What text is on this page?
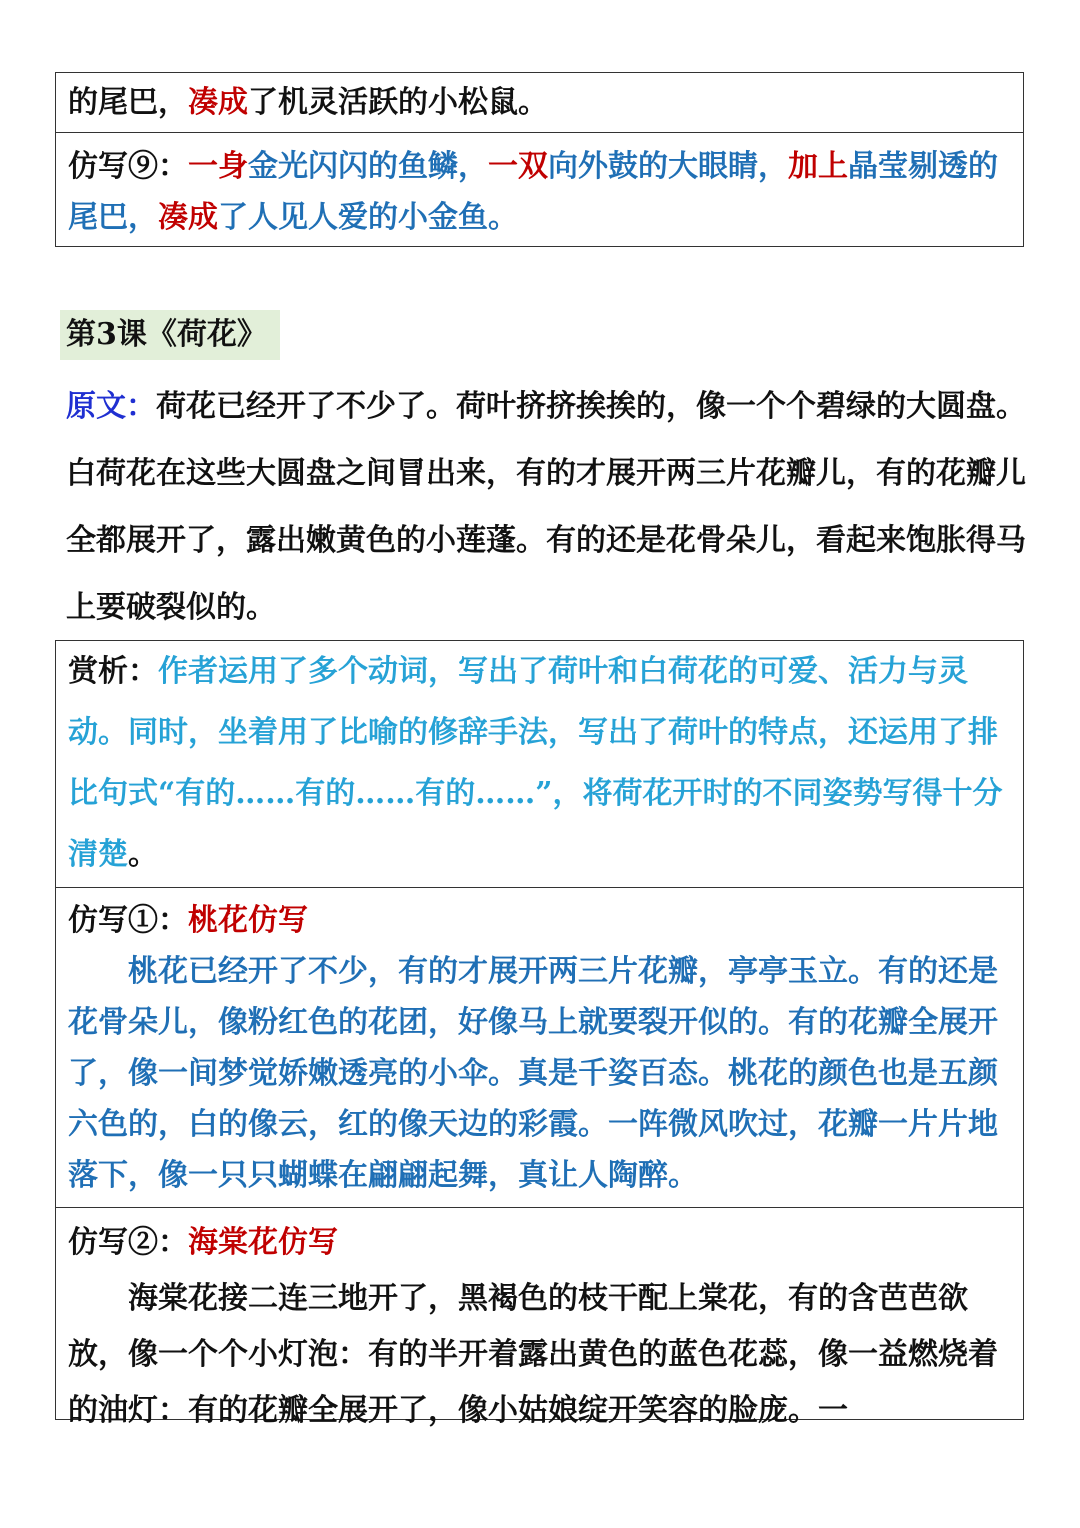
的尾巴，凑成了机灵活跃的小松鼠。
仿写⑨：一身金光闪闪的鱼鳞，一双向外鼓的大眼睛，加上晶莹剔透的尾巴，凑成了人见人爱的小金鱼。
第3课《荷花》
原文：荷花已经开了不少了。荷叶挤挤挨挨的，像一个个碧绿的大圆盘。白荷花在这些大圆盘之间冒出来，有的才展开两三片花瓣儿，有的花瓣儿全都展开了，露出嫩黄色的小莲蓬。有的还是花骨朵儿，看起来饱胀得马上要破裂似的。
赏析：作者运用了多个动词，写出了荷叶和白荷花的可爱、活力与灵动。同时，坐着用了比喻的修辞手法，写出了荷叶的特点，还运用了排比句式“有的……有的……有的……”，将荷花开时的不同姿势写得十分清楚。
仿写①：桃花仿写
桃花已经开了不少，有的才展开两三片花瓣，亭亭玉立。有的还是花骨朵儿，像粉红色的花团，好像马上就要裂开似的。有的花瓣全展开了，像一间梦觉娇嫩透亮的小伞。真是千姿百态。桃花的颜色也是五颜六色的，白的像云，红的像天边的彩霞。一阵微风吹过，花瓣一片片地落下，像一只只蝴蝶在翩翩起舞，真让人陶醉。
仿写②：海棠花仿写
海棠花接二连三地开了，黑褐色的枝干配上棠花，有的含芭芭欲放，像一个个小灯泡：有的半开着露出黄色的蓝色花蕊，像一益燃烧着的油灯：有的花瓣全展开了，像小姑娘绽开笑容的脸庞。一
